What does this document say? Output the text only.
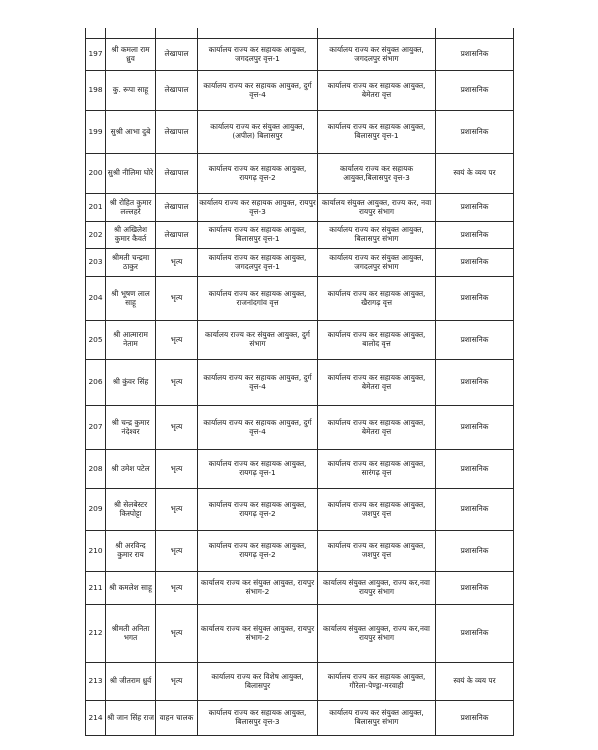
197	श्री कमला राम ध्रुव	लेखापाल	कार्यालय राज्य कर सहायक आयुक्त, जगदलपुर वृत्त-1	कार्यालय राज्य कर संयुक्त आयुक्त, जगदलपुर संभाग	प्रशासनिक
198	कु. रूपा साहू	लेखापाल	कार्यालय राज्य कर सहायक आयुक्त, दुर्ग वृत्त-4	कार्यालय राज्य कर सहायक आयुक्त, बेमेतरा वृत्त	प्रशासनिक
199	सुश्री आभा दुबे	लेखापाल	कार्यालय राज्य कर संयुक्त आयुक्त, (अपील) बिलासपुर	कार्यालय राज्य कर सहायक आयुक्त, बिलासपुर वृत्त-1	प्रशासनिक
200	सुश्री नीलिमा घोरे	लेखापाल	कार्यालय राज्य कर सहायक आयुक्त, रायगढ़ वृत्त-2	कार्यालय राज्य कर सहायक आयुक्त,बिलासपुर वृत्त-3	स्वयं के व्यय पर
201	श्री रोहित कुमार लल्लहरे	लेखापाल	कार्यालय राज्य कर सहायक आयुक्त, रायपुर वृत्त-3	कार्यालय संयुक्त आयुक्त, राज्य कर, नवा रायपुर संभाग	प्रशासनिक
202	श्री अखिलेश कुमार कैवर्त	लेखापाल	कार्यालय राज्य कर सहायक आयुक्त, बिलासपुर वृत्त-1	कार्यालय राज्य कर संयुक्त आयुक्त, बिलासपुर संभाग	प्रशासनिक
203	श्रीमती चन्द्रमा ठाकुर	भृत्य	कार्यालय राज्य कर सहायक आयुक्त, जगदलपुर वृत्त-1	कार्यालय राज्य कर संयुक्त आयुक्त, जगदलपुर संभाग	प्रशासनिक
204	श्री भूषण लाल साहू	भृत्य	कार्यालय राज्य कर सहायक आयुक्त, राजनांदगांव वृत्त	कार्यालय राज्य कर सहायक आयुक्त, खैरागढ़ वृत्त	प्रशासनिक
205	श्री आत्माराम नेताम	भृत्य	कार्यालय राज्य कर संयुक्त आयुक्त, दुर्ग संभाग	कार्यालय राज्य कर सहायक आयुक्त, बालोद वृत्त	प्रशासनिक
206	श्री कुंवर सिंह	भृत्य	कार्यालय राज्य कर सहायक आयुक्त, दुर्ग वृत्त-4	कार्यालय राज्य कर सहायक आयुक्त, बेमेतरा वृत्त	प्रशासनिक
207	श्री चन्द्र कुमार नंदेश्वर	भृत्य	कार्यालय राज्य कर सहायक आयुक्त, दुर्ग वृत्त-4	कार्यालय राज्य कर सहायक आयुक्त, बेमेतरा वृत्त	प्रशासनिक
208	श्री उमेश पटेल	भृत्य	कार्यालय राज्य कर सहायक आयुक्त, रायगढ़ वृत्त-1	कार्यालय राज्य कर सहायक आयुक्त, सारंगढ़ वृत्त	प्रशासनिक
209	श्री सेलबेस्टर किस्पोट्टा	भृत्य	कार्यालय राज्य कर सहायक आयुक्त, रायगढ़ वृत्त-2	कार्यालय राज्य कर सहायक आयुक्त, जशपुर वृत्त	प्रशासनिक
210	श्री अरविन्द कुमार राय	भृत्य	कार्यालय राज्य कर सहायक आयुक्त, रायगढ़ वृत्त-2	कार्यालय राज्य कर सहायक आयुक्त, जशपुर वृत्त	प्रशासनिक
211	श्री कमलेश साहू	भृत्य	कार्यालय राज्य कर संयुक्त आयुक्त, रायपुर संभाग-2	कार्यालय संयुक्त आयुक्त, राज्य कर,नवा रायपुर संभाग	प्रशासनिक
212	श्रीमती अनिता भगत	भृत्य	कार्यालय राज्य कर संयुक्त आयुक्त, रायपुर संभाग-2	कार्यालय संयुक्त आयुक्त, राज्य कर,नवा रायपुर संभाग	प्रशासनिक
213	श्री जीतराम ध्रुर्व	भृत्य	कार्यालय राज्य कर विशेष आयुक्त, बिलासपुर	कार्यालय राज्य कर सहायक आयुक्त, गौरेला-पेण्ड्रा-मरवाही	स्वयं के व्यय पर
214	श्री जान सिंह राज	वाहन चालक	कार्यालय राज्य कर सहायक आयुक्त, बिलासपुर वृत्त-3	कार्यालय राज्य कर संयुक्त आयुक्त, बिलासपुर संभाग	प्रशासनिक
